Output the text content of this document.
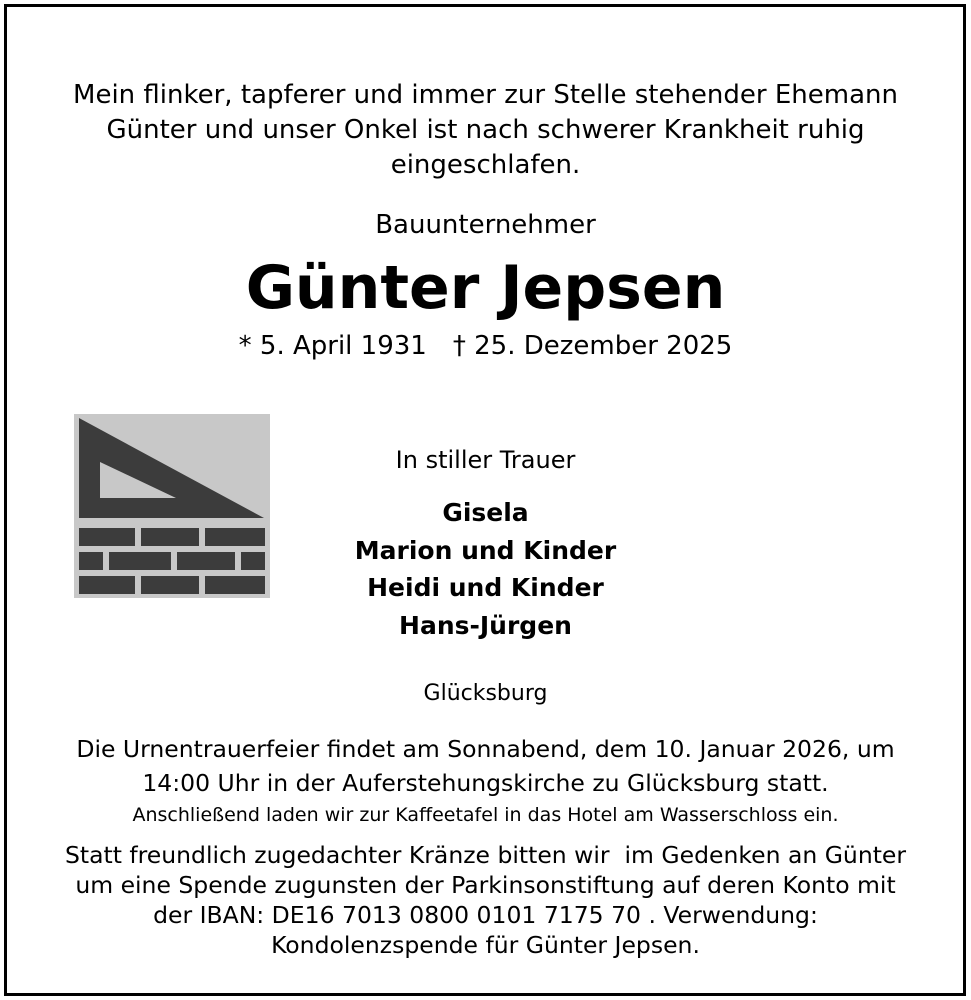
Mein flinker, tapferer und immer zur Stelle stehender Ehemann
Günter und unser Onkel ist nach schwerer Krankheit ruhig
eingeschlafen.
Bauunternehmer
Günter Jepsen
* 5. April 1931 † 25. Dezember 2025
In stiller Trauer
Gisela
Marion und Kinder
Heidi und Kinder
Hans-Jürgen
Glücksburg
Die Urnentrauerfeier findet am Sonnabend, dem 10. Januar 2026, um
14:00 Uhr in der Auferstehungskirche zu Glücksburg statt.
Anschließend laden wir zur Kaffeetafel in das Hotel am Wasserschloss ein.
Statt freundlich zugedachter Kränze bitten wir  im Gedenken an Günter
um eine Spende zugunsten der Parkinsonstiftung auf deren Konto mit
der IBAN: DE16 7013 0800 0101 7175 70 . Verwendung:
Kondolenzspende für Günter Jepsen.
